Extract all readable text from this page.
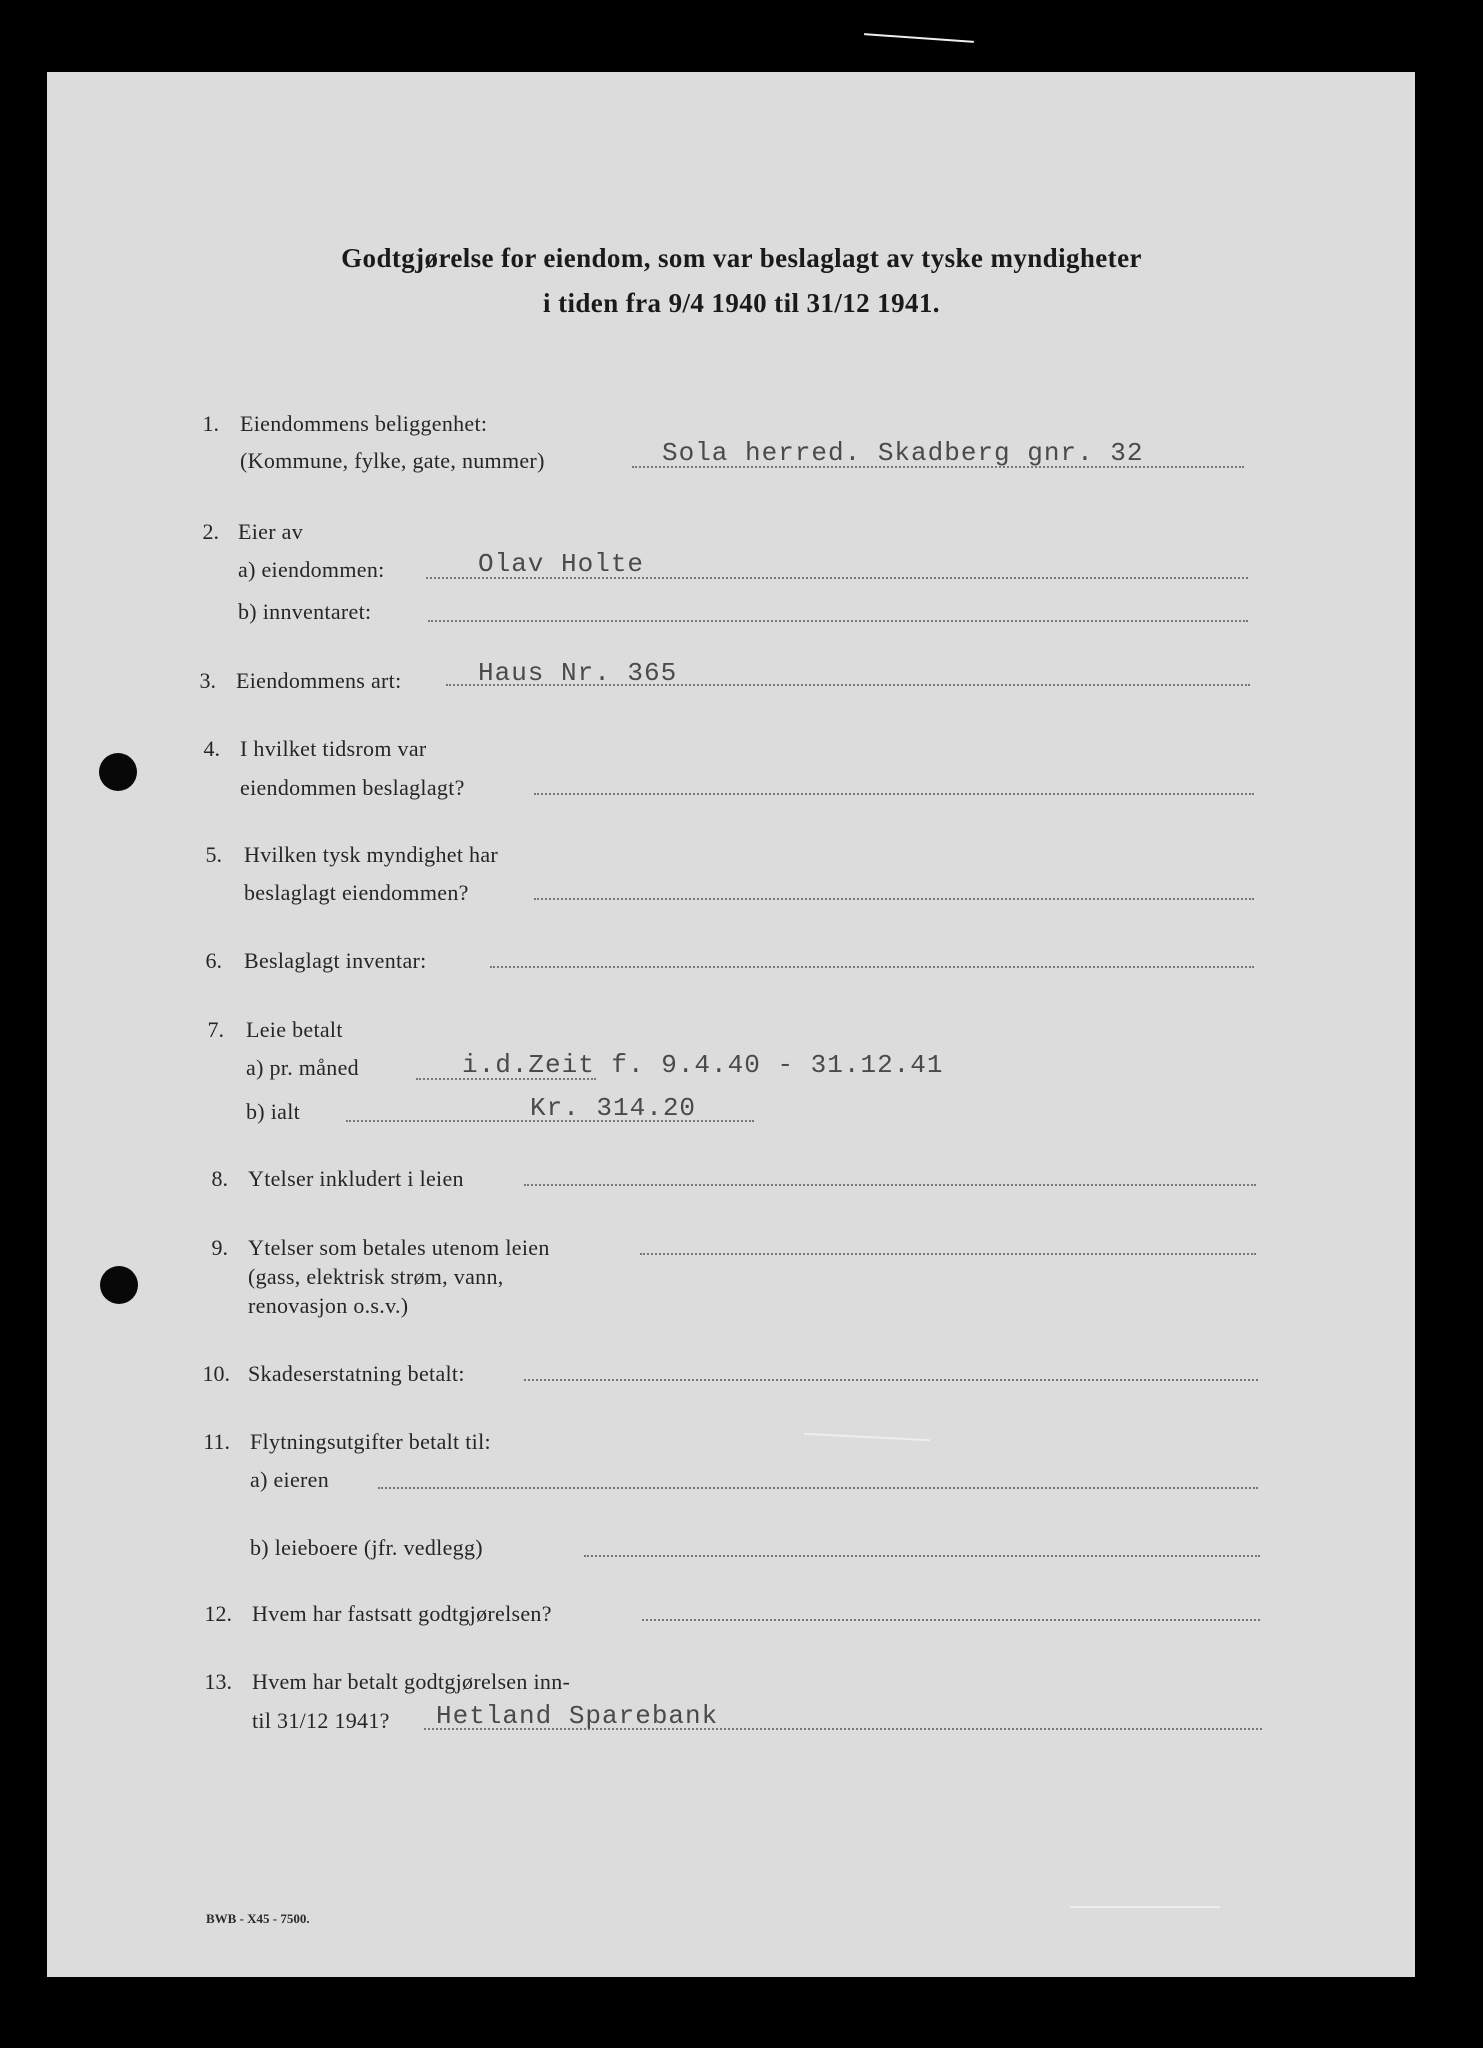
Godtgjørelse for eiendom, som var beslaglagt av tyske myndigheter
i tiden fra 9/4 1940 til 31/12 1941.
1. Eiendommens beliggenhet:
(Kommune, fylke, gate, nummer)	Sola herred. Skadberg gnr. 32
2. Eier av
a) eiendommen:	Olav Holte
b) innventaret:
3. Eiendommens art:	Haus Nr. 365
4. I hvilket tidsrom var
eiendommen beslaglagt?
5. Hvilken tysk myndighet har
beslaglagt eiendommen?
6. Beslaglagt inventar:
7. Leie betalt
a) pr. måned	i.d.Zeit f. 9.4.40 - 31.12.41
b) ialt	Kr. 314.20
8. Ytelser inkludert i leien
9. Ytelser som betales utenom leien
(gass, elektrisk strøm, vann,
renovasjon o.s.v.)
10. Skadeserstatning betalt:
11. Flytningsutgifter betalt til:
a) eieren
b) leieboere (jfr. vedlegg)
12. Hvem har fastsatt godtgjørelsen?
13. Hvem har betalt godtgjørelsen inn-
til 31/12 1941? Hetland Sparebank
BWB - X45 - 7500.
